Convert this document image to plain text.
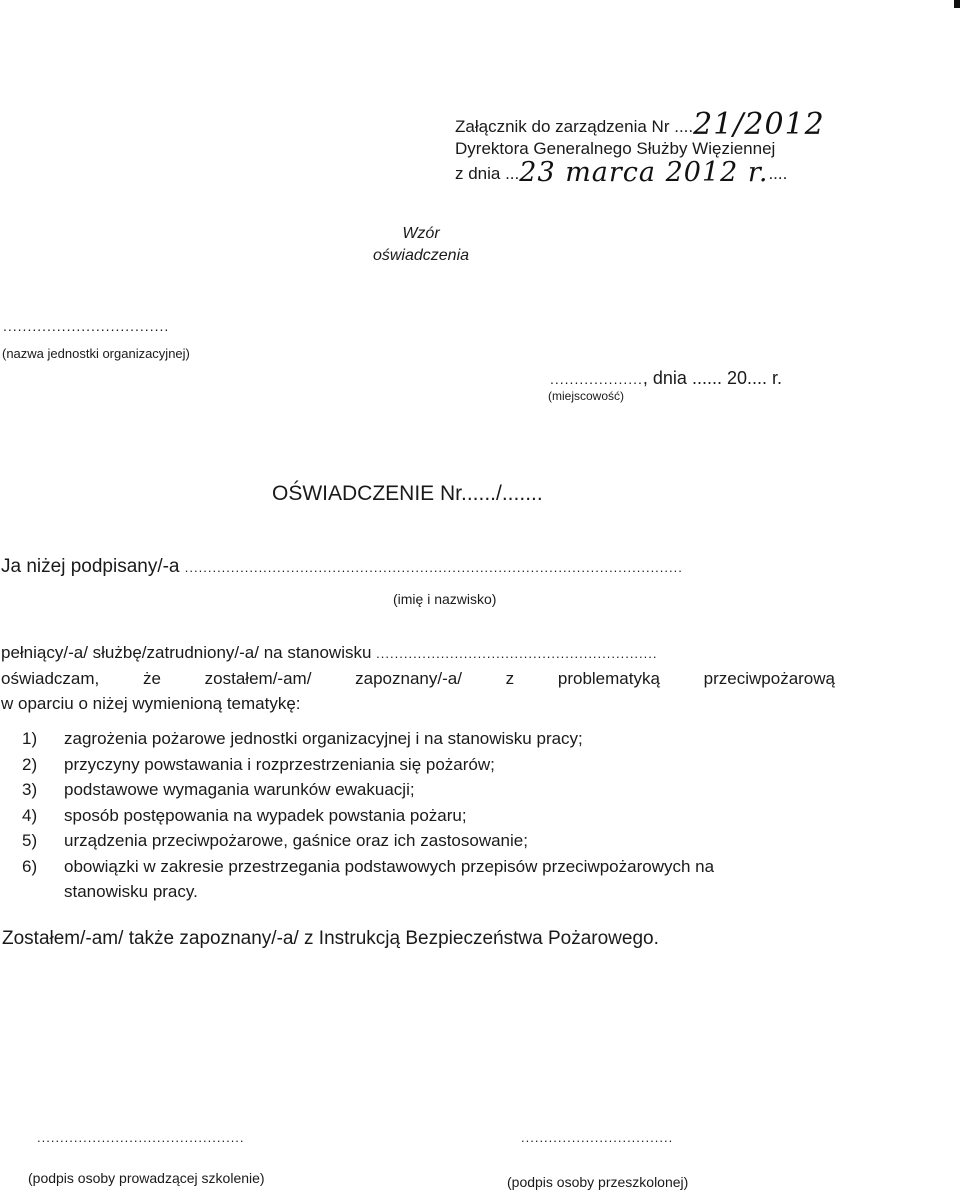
Załącznik do zarządzenia Nr ....21/2012
Dyrektora Generalnego Służby Więziennej
z dnia ...23 marca 2012 r.....
Wzór oświadczenia
..................................
(nazwa jednostki organizacyjnej)
..................., dnia ...... 20.... r.
(miejscowość)
OŚWIADCZENIE Nr....../.......
Ja niżej podpisany/-a ............................................................................................................
(imię i nazwisko)
pełniący/-a/ służbę/zatrudniony/-a/ na stanowisku .............................................................
oświadczam,	że	zostałem/-am/	zapoznany/-a/	z	problematyką	przeciwpożarową
w oparciu o niżej wymienioną tematykę:
1)	zagrożenia pożarowe jednostki organizacyjnej i na stanowisku pracy;
2)	przyczyny powstawania i rozprzestrzeniania się pożarów;
3)	podstawowe wymagania warunków ewakuacji;
4)	sposób postępowania na wypadek powstania pożaru;
5)	urządzenia przeciwpożarowe, gaśnice oraz ich zastosowanie;
6)	obowiązki w zakresie przestrzegania podstawowych przepisów przeciwpożarowych na stanowisku pracy.
Zostałem/-am/ także zapoznany/-a/ z Instrukcją Bezpieczeństwa Pożarowego.
.............................................	.................................
(podpis osoby prowadzącej szkolenie)	(podpis osoby przeszkolonej)
